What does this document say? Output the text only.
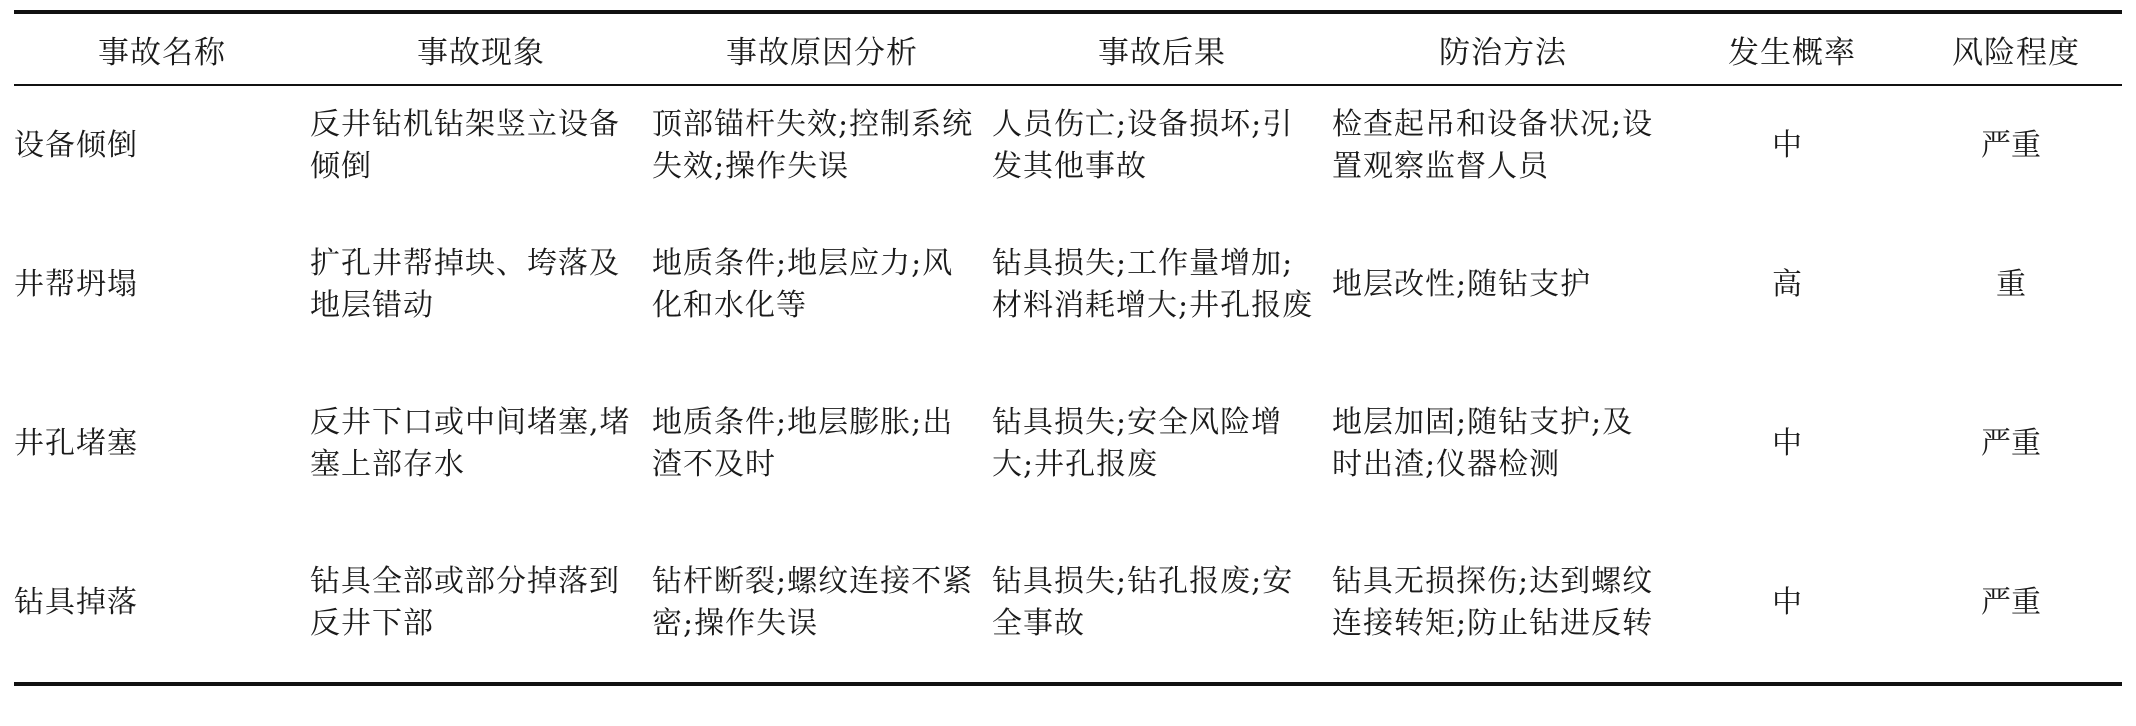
事故名称	事故现象	事故原因分析	事故后果	防治方法	发生概率	风险程度
设备倾倒	反井钻机钻架竖立设备倾倒	顶部锚杆失效;控制系统失效;操作失误	人员伤亡;设备损坏;引发其他事故	检查起吊和设备状况;设置观察监督人员	中	严重
井帮坍塌	扩孔井帮掉块、垮落及地层错动	地质条件;地层应力;风化和水化等	钻具损失;工作量增加;材料消耗增大;井孔报废	地层改性;随钻支护	高	重
井孔堵塞	反井下口或中间堵塞,堵塞上部存水	地质条件;地层膨胀;出渣不及时	钻具损失;安全风险增大;井孔报废	地层加固;随钻支护;及时出渣;仪器检测	中	严重
钻具掉落	钻具全部或部分掉落到反井下部	钻杆断裂;螺纹连接不紧密;操作失误	钻具损失;钻孔报废;安全事故	钻具无损探伤;达到螺纹连接转矩;防止钻进反转	中	严重
